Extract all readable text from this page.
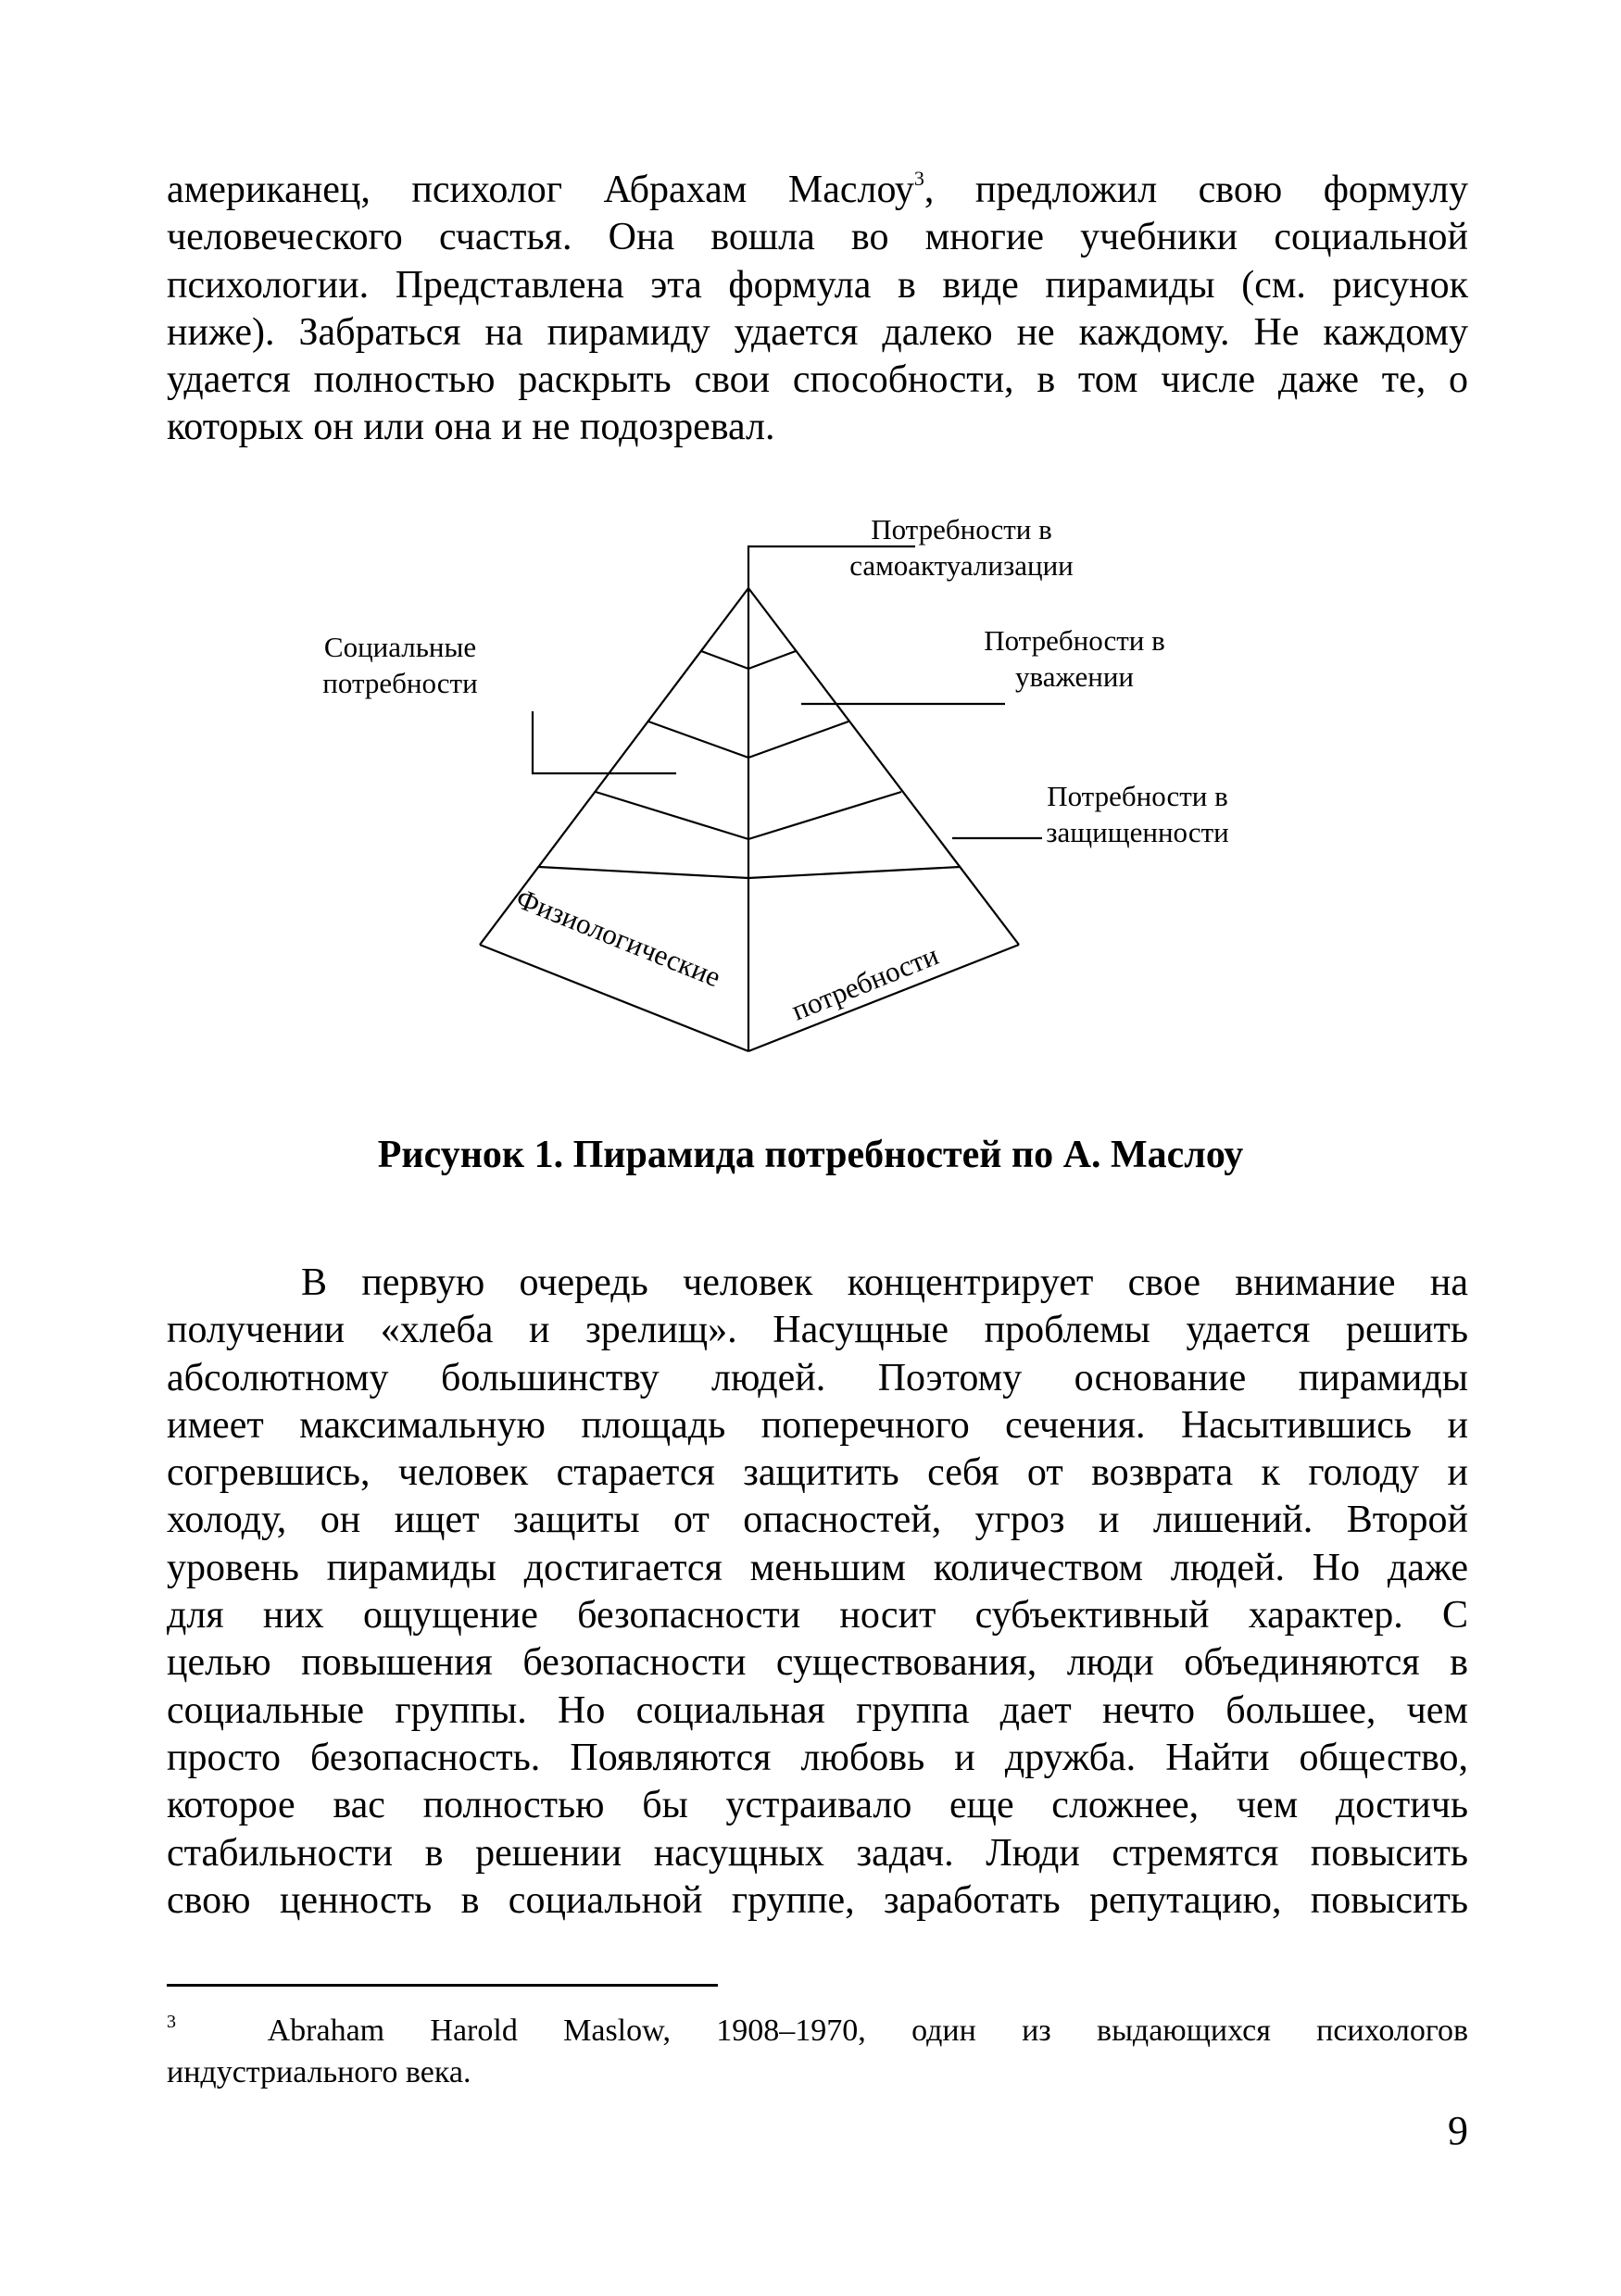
американец, психолог Абрахам Маслоу$^3$, предложил свою формулу
человеческого счастья. Она вошла во многие учебники социальной
психологии. Представлена эта формула в виде пирамиды (см. рисунок
ниже). Забраться на пирамиду удается далеко не каждому. Не каждому
удается полностью раскрыть свои способности, в том числе даже те, о
которых он или она и не подозревал.
Потребности в
самоактуализации
Потребности в
уважении
Социальные
потребности
Потребности в
защищенности
Физиологические потребности

Рисунок 1. Пирамида потребностей по А. Маслоу

В первую очередь человек концентрирует свое внимание на
получении «хлеба и зрелищ». Насущные проблемы удается решить
абсолютному большинству людей. Поэтому основание пирамиды
имеет максимальную площадь поперечного сечения. Насытившись и
согревшись, человек старается защитить себя от возврата к голоду и
холоду, он ищет защиты от опасностей, угроз и лишений. Второй
уровень пирамиды достигается меньшим количеством людей. Но даже
для них ощущение безопасности носит субъективный характер. С
целью повышения безопасности существования, люди объединяются в
социальные группы. Но социальная группа дает нечто большее, чем
просто безопасность. Появляются любовь и дружба. Найти общество,
которое вас полностью бы устраивало еще сложнее, чем достичь
стабильности в решении насущных задач. Люди стремятся повысить
свою ценность в социальной группе, заработать репутацию, повысить
$^3$	Abraham Harold Maslow, 1908–1970, один из выдающихся психологов
индустриального века.

9
